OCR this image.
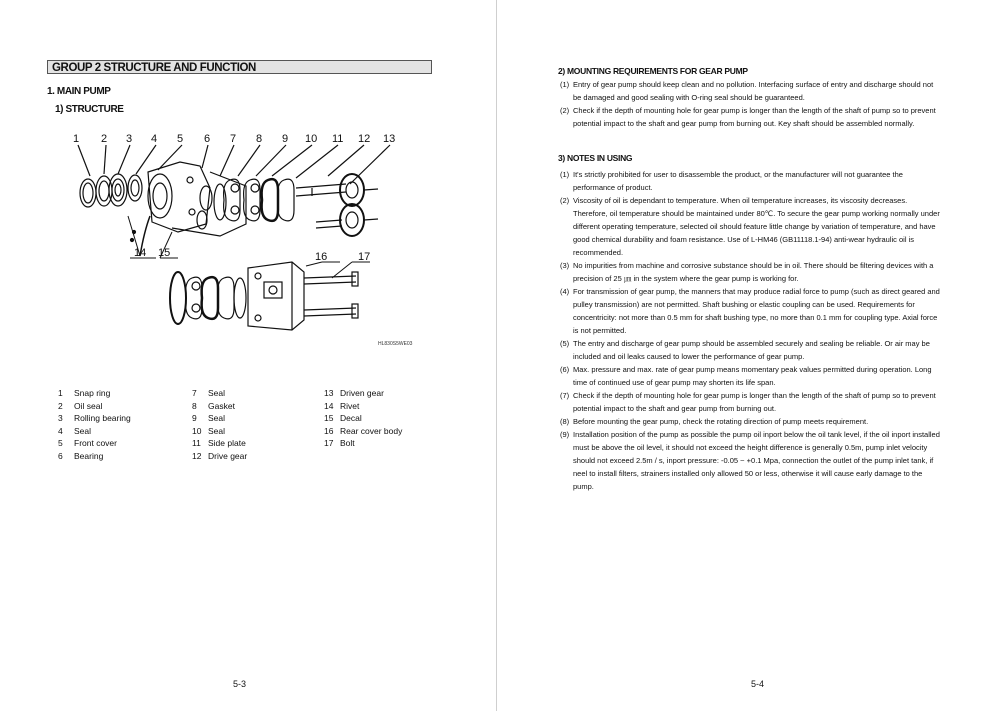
GROUP 2 STRUCTURE AND FUNCTION
1. MAIN PUMP
1) STRUCTURE
1 2 3 4 5 6 7 8 9 10 11 12 13
14 15	16	17
HL830S5WE03
1 Snap ring
2 Oil seal
3 Rolling bearing
4 Seal
5 Front cover
6 Bearing
7 Seal
8 Gasket
9 Seal
10 Seal
11 Side plate
12 Drive gear
13 Driven gear
14 Rivet
15 Decal
16 Rear cover body
17 Bolt
5-3
2) MOUNTING REQUIREMENTS FOR GEAR PUMP
(1) Entry of gear pump should keep clean and no pollution. Interfacing surface of entry and discharge should not be damaged and good sealing with O-ring seal should be guaranteed.
(2) Check if the depth of mounting hole for gear pump is longer than the length of the shaft of pump so to prevent potential impact to the shaft and gear pump from burning out. Key shaft should be assembled normally.
3) NOTES IN USING
(1) It's strictly prohibited for user to disassemble the product, or the manufacturer will not guarantee the performance of product.
(2) Viscosity of oil is dependant to temperature. When oil temperature increases, its viscosity decreases. Therefore, oil temperature should be maintained under 80℃. To secure the gear pump working normally under different operating temperature, selected oil should feature little change by variation of temperature, and have good chemical durability and foam resistance. Use of L-HM46 (GB11118.1-94) anti-wear hydraulic oil is recommended.
(3) No impurities from machine and corrosive substance should be in oil. There should be filtering devices with a precision of 25 ㎛ in the system where the gear pump is working for.
(4) For transmission of gear pump, the manners that may produce radial force to pump (such as direct geared and pulley transmission) are not permitted. Shaft bushing or elastic coupling can be used. Requirements for concentricity: not more than 0.5 mm for shaft bushing type, no more than 0.1 mm for coupling type. Axial force is not permitted.
(5) The entry and discharge of gear pump should be assembled securely and sealing be reliable. Or air may be included and oil leaks caused to lower the performance of gear pump.
(6) Max. pressure and max. rate of gear pump means momentary peak values permitted during operation. Long time of continued use of gear pump may shorten its life span.
(7) Check if the depth of mounting hole for gear pump is longer than the length of the shaft of pump so to prevent potential impact to the shaft and gear pump from burning out.
(8) Before mounting the gear pump, check the rotating direction of pump meets requirement.
(9) Installation position of the pump as possible the pump oil inport below the oil tank level, if the oil inport installed must be above the oil level, it should not exceed the height difference is generally 0.5m, pump inlet velocity should not exceed 2.5m / s, inport pressure: -0.05 ~ +0.1 Mpa, connection the outlet of the pump inlet tank, if neel to install filters, strainers installed only allowed 50 or less, otherwise it will cause early damage to the pump.
5-4
